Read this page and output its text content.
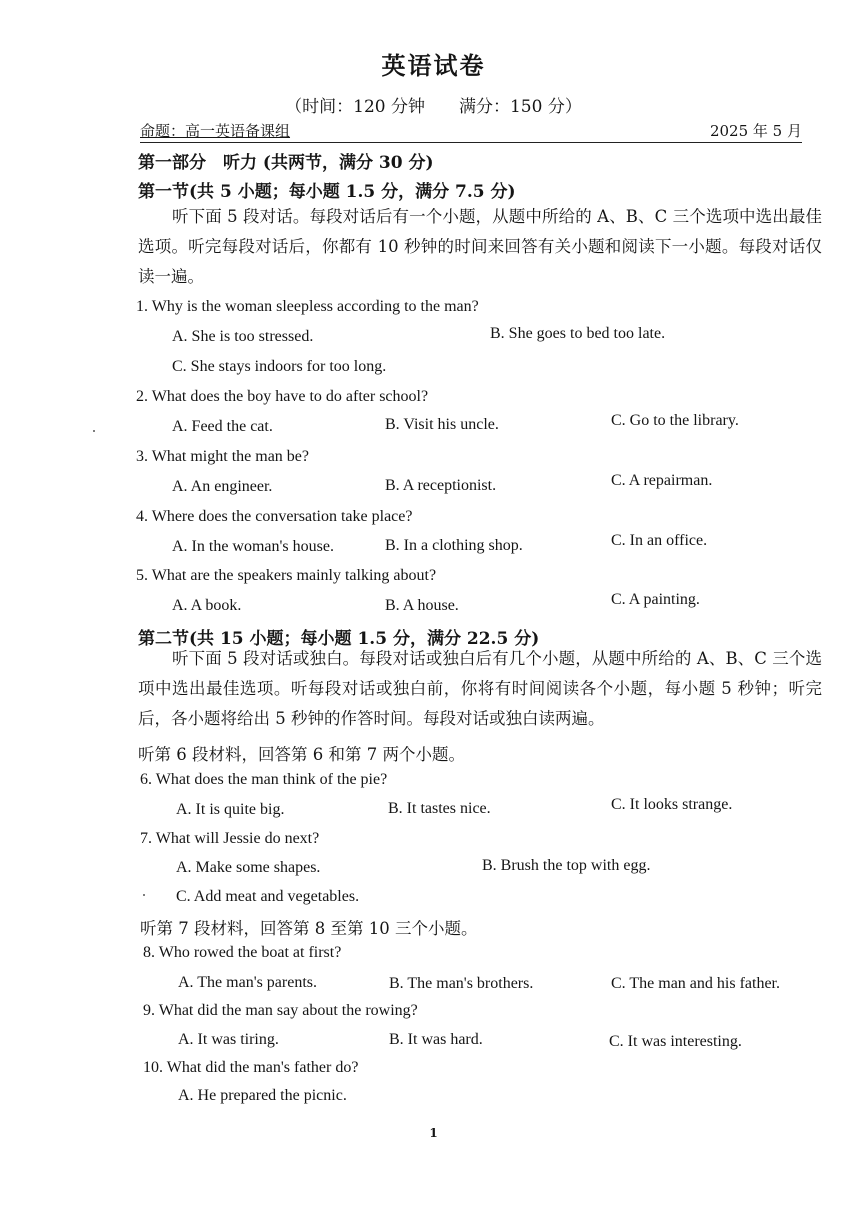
英语试卷
（时间：120 分钟　　满分：150 分）
命题：高一英语备课组	2025 年 5 月
第一部分　听力 (共两节，满分 30 分)
第一节(共 5 小题；每小题 1.5 分，满分 7.5 分)
听下面 5 段对话。每段对话后有一个小题，从题中所给的 A、B、C 三个选项中选出最佳选项。听完每段对话后，你都有 10 秒钟的时间来回答有关小题和阅读下一小题。每段对话仅读一遍。
1. Why is the woman sleepless according to the man?
A. She is too stressed.	B. She goes to bed too late.
C. She stays indoors for too long.
2. What does the boy have to do after school?
A. Feed the cat.	B. Visit his uncle.	C. Go to the library.
3. What might the man be?
A. An engineer.	B. A receptionist.	C. A repairman.
4. Where does the conversation take place?
A. In the woman's house.	B. In a clothing shop.	C. In an office.
5. What are the speakers mainly talking about?
A. A book.	B. A house.	C. A painting.
第二节(共 15 小题；每小题 1.5 分，满分 22.5 分)
听下面 5 段对话或独白。每段对话或独白后有几个小题，从题中所给的 A、B、C 三个选项中选出最佳选项。听每段对话或独白前，你将有时间阅读各个小题，每小题 5 秒钟；听完后，各小题将给出 5 秒钟的作答时间。每段对话或独白读两遍。
听第 6 段材料，回答第 6 和第 7 两个小题。
6. What does the man think of the pie?
A. It is quite big.	B. It tastes nice.	C. It looks strange.
7. What will Jessie do next?
A. Make some shapes.	B. Brush the top with egg.
C. Add meat and vegetables.
听第 7 段材料，回答第 8 至第 10 三个小题。
8. Who rowed the boat at first?
A. The man's parents.	B. The man's brothers.	C. The man and his father.
9. What did the man say about the rowing?
A. It was tiring.	B. It was hard.	C. It was interesting.
10. What did the man's father do?
A. He prepared the picnic.
1
